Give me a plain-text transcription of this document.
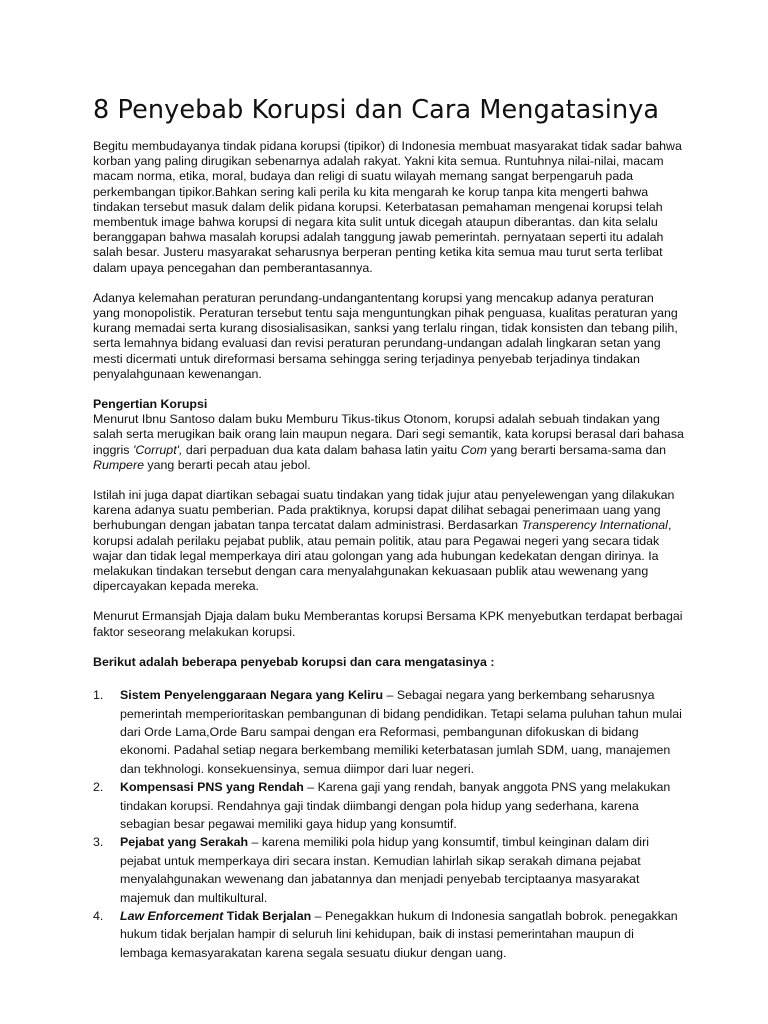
8 Penyebab Korupsi dan Cara Mengatasinya

Begitu membudayanya tindak pidana korupsi (tipikor) di Indonesia membuat masyarakat tidak sadar bahwa korban yang paling dirugikan sebenarnya adalah rakyat. Yakni kita semua. Runtuhnya nilai-nilai, macam macam norma, etika, moral, budaya dan religi di suatu wilayah memang sangat berpengaruh pada perkembangan tipikor.Bahkan sering kali perila ku kita mengarah ke korup tanpa kita mengerti bahwa tindakan tersebut masuk dalam delik pidana korupsi. Keterbatasan pemahaman mengenai korupsi telah membentuk image bahwa korupsi di negara kita sulit untuk dicegah ataupun diberantas. dan kita selalu beranggapan bahwa masalah korupsi adalah tanggung jawab pemerintah. pernyataan seperti itu adalah salah besar. Justeru masyarakat seharusnya berperan penting ketika kita semua mau turut serta terlibat dalam upaya pencegahan dan pemberantasannya.

Adanya kelemahan peraturan perundang-undangantentang korupsi yang mencakup adanya peraturan yang monopolistik. Peraturan tersebut tentu saja menguntungkan pihak penguasa, kualitas peraturan yang kurang memadai serta kurang disosialisasikan, sanksi yang terlalu ringan, tidak konsisten dan tebang pilih, serta lemahnya bidang evaluasi dan revisi peraturan perundang-undangan adalah lingkaran setan yang mesti dicermati untuk direformasi bersama sehingga sering terjadinya penyebab terjadinya tindakan penyalahgunaan kewenangan.

Pengertian Korupsi
Menurut Ibnu Santoso dalam buku Memburu Tikus-tikus Otonom, korupsi adalah sebuah tindakan yang salah serta merugikan baik orang lain maupun negara. Dari segi semantik, kata korupsi berasal dari bahasa inggris 'Corrupt', dari perpaduan dua kata dalam bahasa latin yaitu Com yang berarti bersama-sama dan Rumpere yang berarti pecah atau jebol.

Istilah ini juga dapat diartikan sebagai suatu tindakan yang tidak jujur atau penyelewengan yang dilakukan karena adanya suatu pemberian. Pada praktiknya, korupsi dapat dilihat sebagai penerimaan uang yang berhubungan dengan jabatan tanpa tercatat dalam administrasi. Berdasarkan Transperency International, korupsi adalah perilaku pejabat publik, atau pemain politik, atau para Pegawai negeri yang secara tidak wajar dan tidak legal memperkaya diri atau golongan yang ada hubungan kedekatan dengan dirinya. Ia melakukan tindakan tersebut dengan cara menyalahgunakan kekuasaan publik atau wewenang yang dipercayakan kepada mereka.

Menurut Ermansjah Djaja dalam buku Memberantas korupsi Bersama KPK menyebutkan terdapat berbagai faktor seseorang melakukan korupsi.

Berikut adalah beberapa penyebab korupsi dan cara mengatasinya :

1. Sistem Penyelenggaraan Negara yang Keliru – Sebagai negara yang berkembang seharusnya pemerintah memperioritaskan pembangunan di bidang pendidikan. Tetapi selama puluhan tahun mulai dari Orde Lama,Orde Baru sampai dengan era Reformasi, pembangunan difokuskan di bidang ekonomi. Padahal setiap negara berkembang memiliki keterbatasan jumlah SDM, uang, manajemen dan tekhnologi. konsekuensinya, semua diimpor dari luar negeri.
2. Kompensasi PNS yang Rendah – Karena gaji yang rendah, banyak anggota PNS yang melakukan tindakan korupsi. Rendahnya gaji tindak diimbangi dengan pola hidup yang sederhana, karena sebagian besar pegawai memiliki gaya hidup yang konsumtif.
3. Pejabat yang Serakah – karena memiliki pola hidup yang konsumtif, timbul keinginan dalam diri pejabat untuk memperkaya diri secara instan. Kemudian lahirlah sikap serakah dimana pejabat menyalahgunakan wewenang dan jabatannya dan menjadi penyebab terciptaanya masyarakat majemuk dan multikultural.
4. Law Enforcement Tidak Berjalan – Penegakkan hukum di Indonesia sangatlah bobrok. penegakkan hukum tidak berjalan hampir di seluruh lini kehidupan, baik di instasi pemerintahan maupun di lembaga kemasyarakatan karena segala sesuatu diukur dengan uang.
